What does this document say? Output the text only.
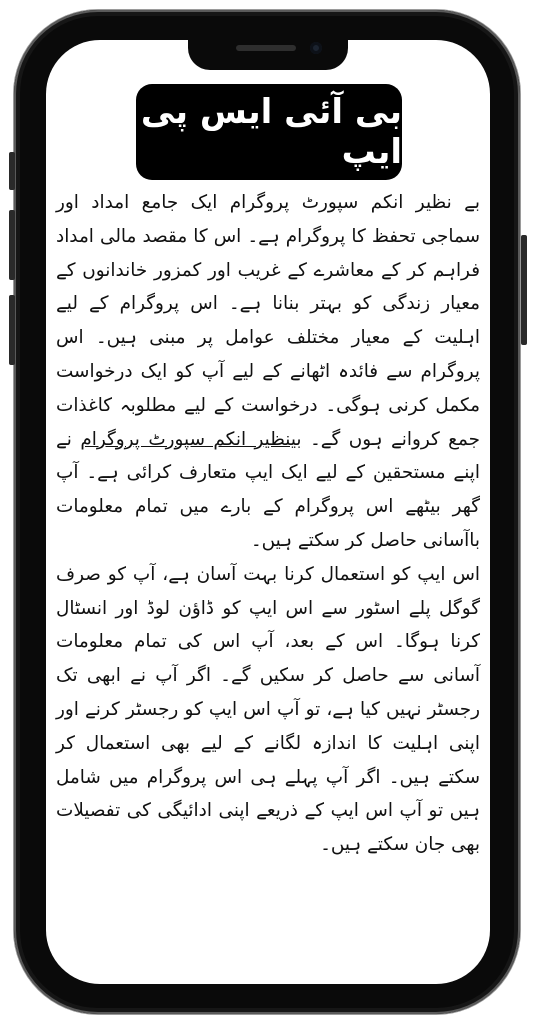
بی آئی ایس پی ایپ

بے نظیر انکم سپورٹ پروگرام ایک جامع امداد اور سماجی تحفظ کا پروگرام ہے۔ اس کا مقصد مالی امداد فراہم کر کے معاشرے کے غریب اور کمزور خاندانوں کے معیار زندگی کو بہتر بنانا ہے۔ اس پروگرام کے لیے اہلیت کے معیار مختلف عوامل پر مبنی ہیں۔ اس پروگرام سے فائدہ اٹھانے کے لیے آپ کو ایک درخواست مکمل کرنی ہوگی۔ درخواست کے لیے مطلوبہ کاغذات جمع کروانے ہوں گے۔ بینظیر انکم سپورٹ پروگرام نے اپنے مستحقین کے لیے ایک ایپ متعارف کرائی ہے۔ آپ گھر بیٹھے اس پروگرام کے بارے میں تمام معلومات باآسانی حاصل کر سکتے ہیں۔

اس ایپ کو استعمال کرنا بہت آسان ہے، آپ کو صرف گوگل پلے اسٹور سے اس ایپ کو ڈاؤن لوڈ اور انسٹال کرنا ہوگا۔ اس کے بعد، آپ اس کی تمام معلومات آسانی سے حاصل کر سکیں گے۔ اگر آپ نے ابھی تک رجسٹر نہیں کیا ہے، تو آپ اس ایپ کو رجسٹر کرنے اور اپنی اہلیت کا اندازہ لگانے کے لیے بھی استعمال کر سکتے ہیں۔ اگر آپ پہلے ہی اس پروگرام میں شامل ہیں تو آپ اس ایپ کے ذریعے اپنی ادائیگی کی تفصیلات بھی جان سکتے ہیں۔
